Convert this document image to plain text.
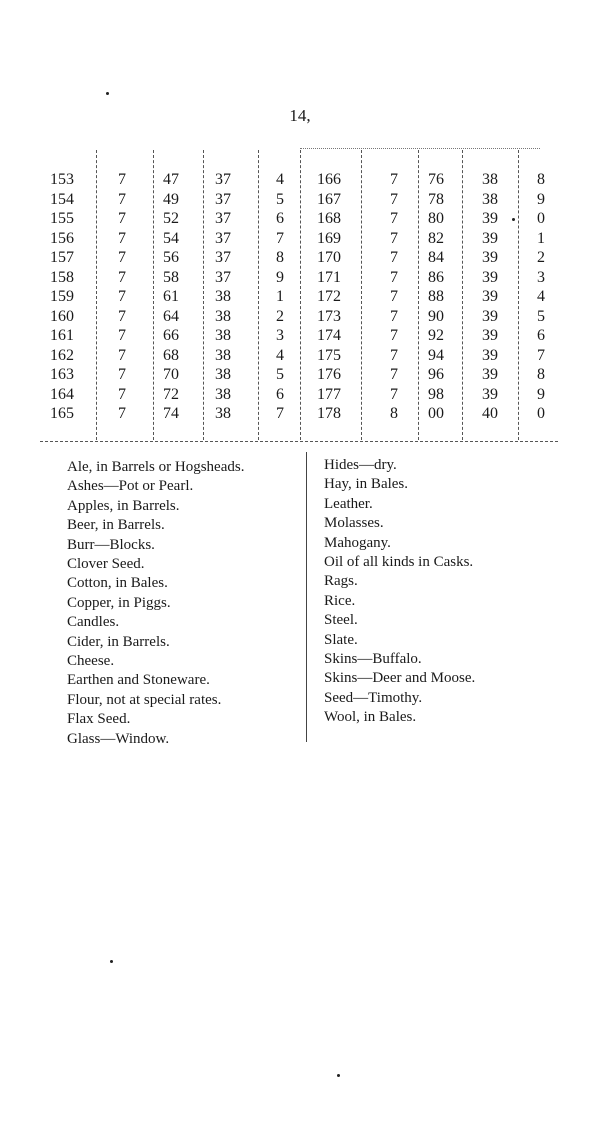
14,
153	7 47 37	4 166	7 76 38 8
154	7 49 37	5 167	7 78 38 9
155	7 52 37	6 168	7 80 39 0
156	7 54 37	7 169	7 82 39 1
157	7 56 37	8 170	7 84 39 2
158	7 58 37	9 171	7 86 39 3
159	7 61 38	1 172	7 88 39 4
160	7 64 38	2 173	7 90 39 5
161	7 66 38	3 174	7 92 39 6
162	7 68 38	4 175	7 94 39 7
163	7 70 38	5 176	7 96 39 8
164	7 72 38	6 177	7 98 39 9
165	7 74 38	7 178	8 00 40 0
Ale, in Barrels or Hogsheads.
Ashes—Pot or Pearl.
Apples, in Barrels.
Beer, in Barrels.
Burr—Blocks.
Clover Seed.
Cotton, in Bales.
Copper, in Piggs.
Candles.
Cider, in Barrels.
Cheese.
Earthen and Stoneware.
Flour, not at special rates.
Flax Seed.
Glass—Window.
Hides—dry.
Hay, in Bales.
Leather.
Molasses.
Mahogany.
Oil of all kinds in Casks.
Rags.
Rice.
Steel.
Slate.
Skins—Buffalo.
Skins—Deer and Moose.
Seed—Timothy.
Wool, in Bales.
